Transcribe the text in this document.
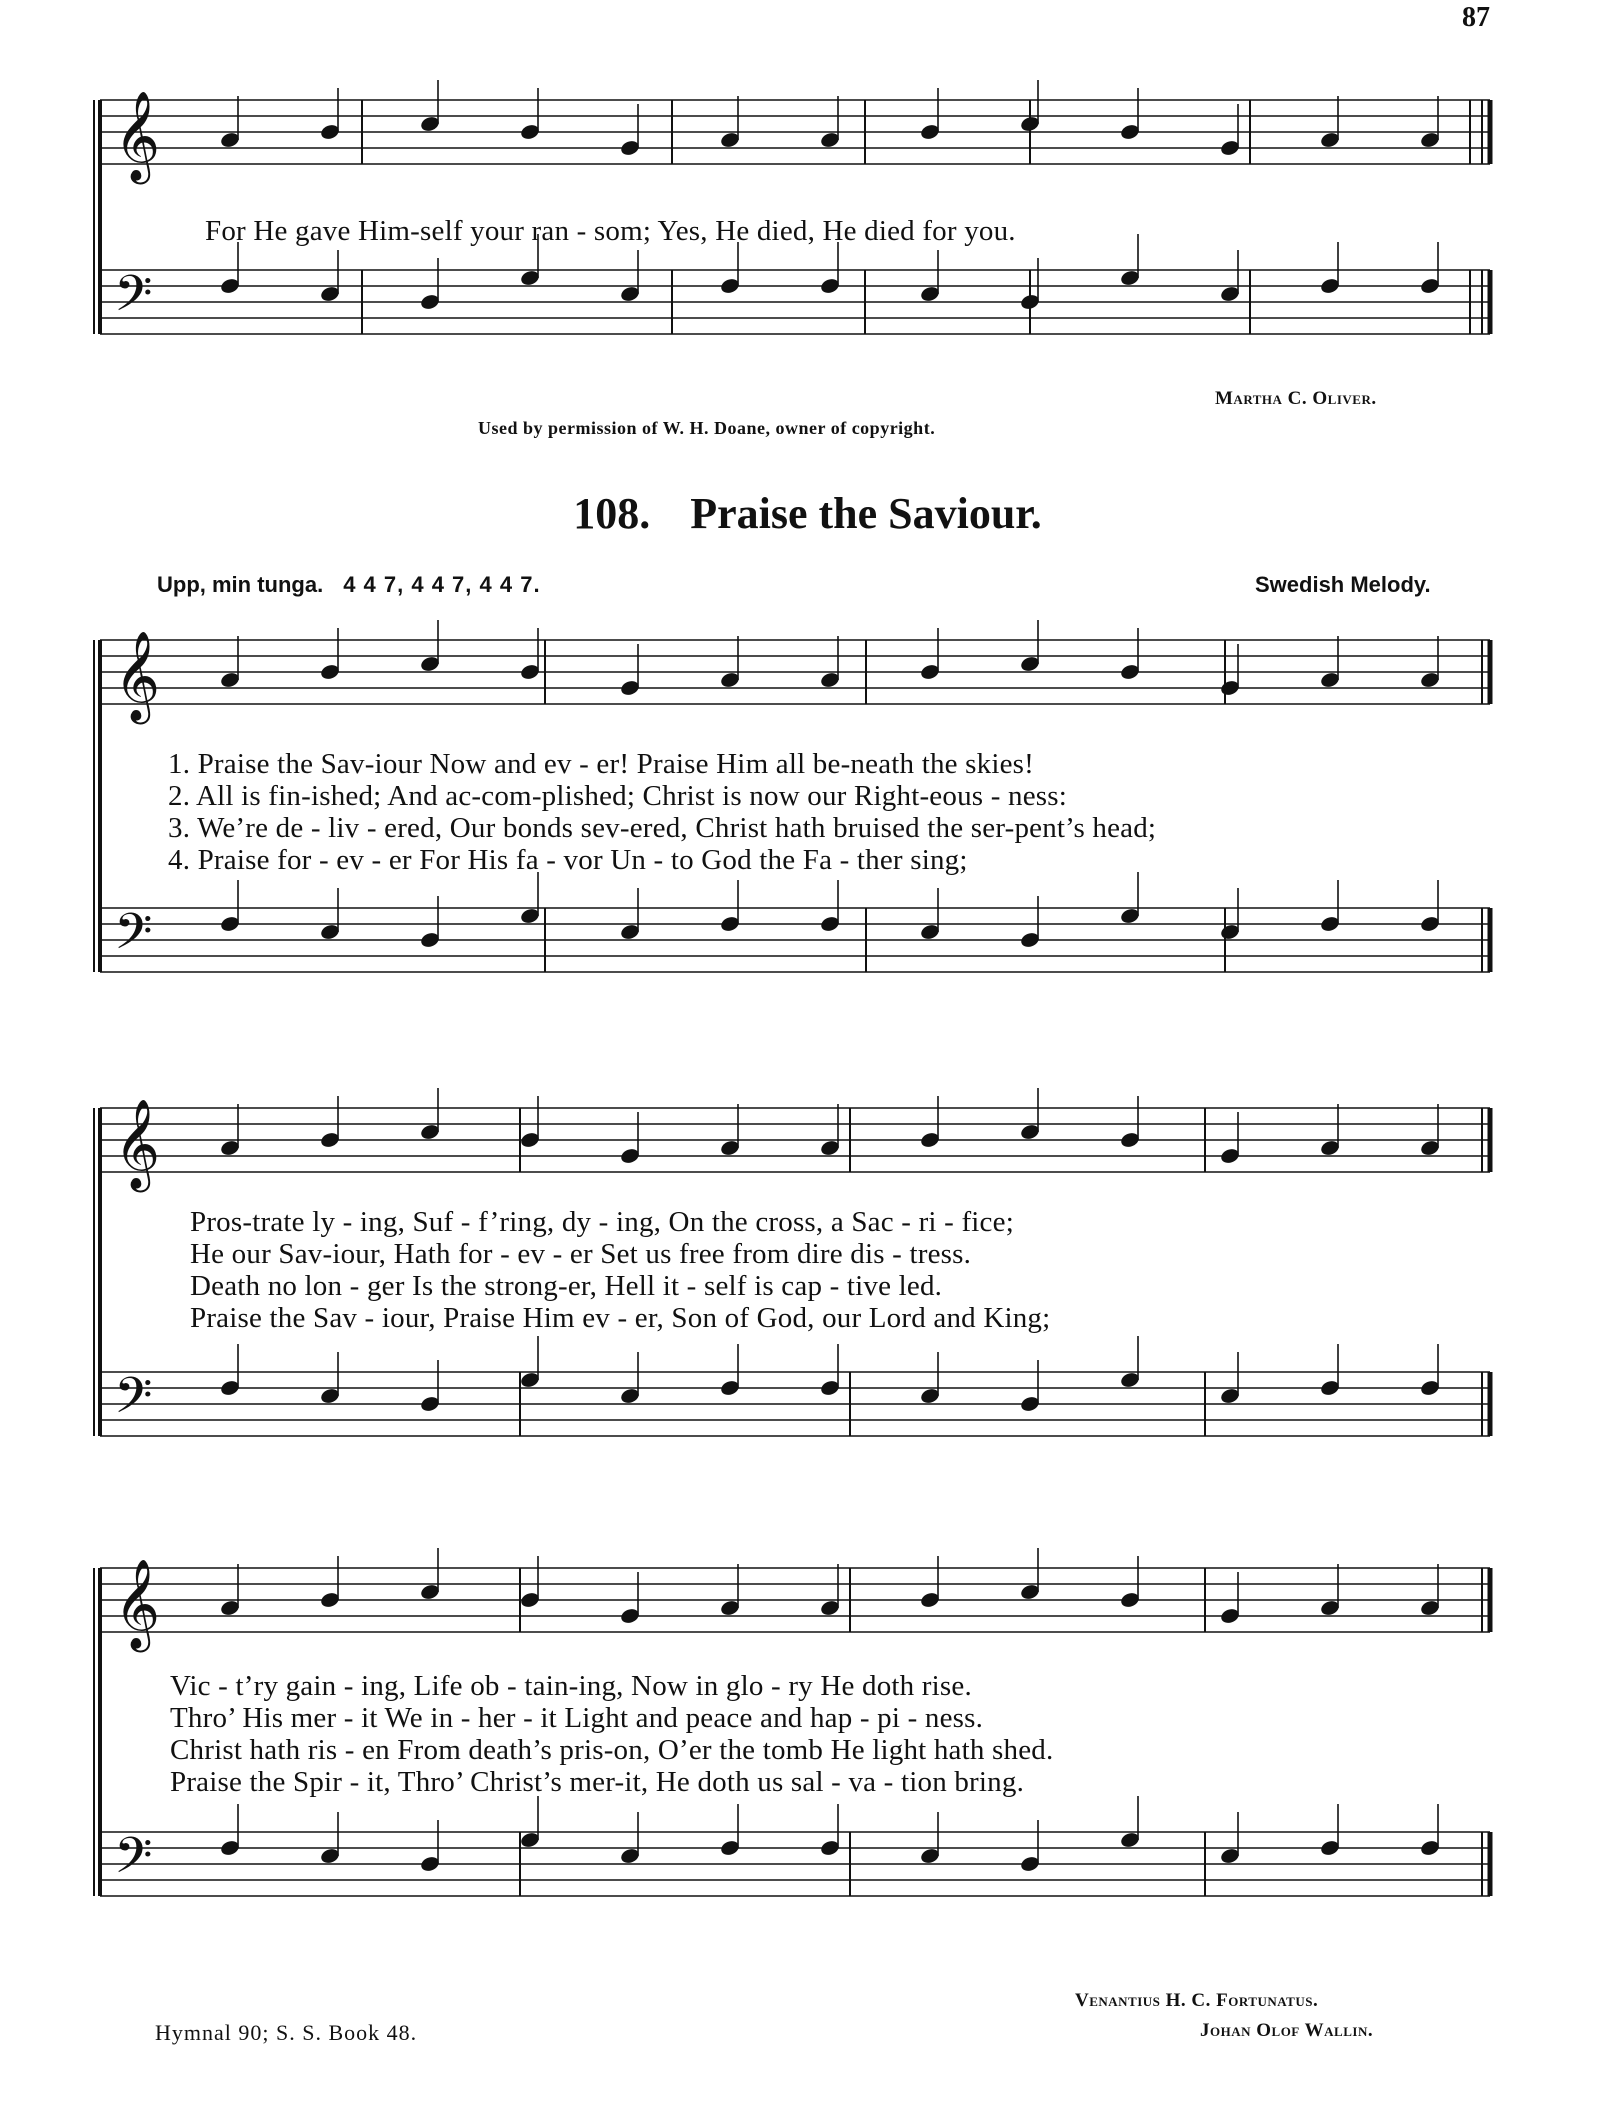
87
𝄞
𝄢
𝄞
𝄢
𝄞
𝄢
𝄞
𝄢
For He gave Him-self your ran - som; Yes, He died, He died for you.
Martha C. Oliver.
Used by permission of W. H. Doane, owner of copyright.
108. Praise the Saviour.
Upp, min tunga. 4 4 7, 4 4 7, 4 4 7.	Swedish Melody.
1. Praise the Sav-iour Now and ev - er! Praise Him all be-neath the skies!
2. All is fin-ished; And ac-com-plished; Christ is now our Right-eous - ness:
3. We’re de - liv - ered, Our bonds sev-ered, Christ hath bruised the ser-pent’s head;
4. Praise for - ev - er For His fa - vor Un - to God the Fa - ther sing;
Pros-trate ly - ing, Suf - f’ring, dy - ing, On the cross, a Sac - ri - fice;
He our Sav-iour, Hath for - ev - er Set us free from dire dis - tress.
Death no lon - ger Is the strong-er, Hell it - self is cap - tive led.
Praise the Sav - iour, Praise Him ev - er, Son of God, our Lord and King;
Vic - t’ry gain - ing, Life ob - tain-ing, Now in glo - ry He doth rise.
Thro’ His mer - it We in - her - it Light and peace and hap - pi - ness.
Christ hath ris - en From death’s pris-on, O’er the tomb He light hath shed.
Praise the Spir - it, Thro’ Christ’s mer-it, He doth us sal - va - tion bring.
Venantius H. C. Fortunatus.
Johan Olof Wallin.
Hymnal 90; S. S. Book 48.
